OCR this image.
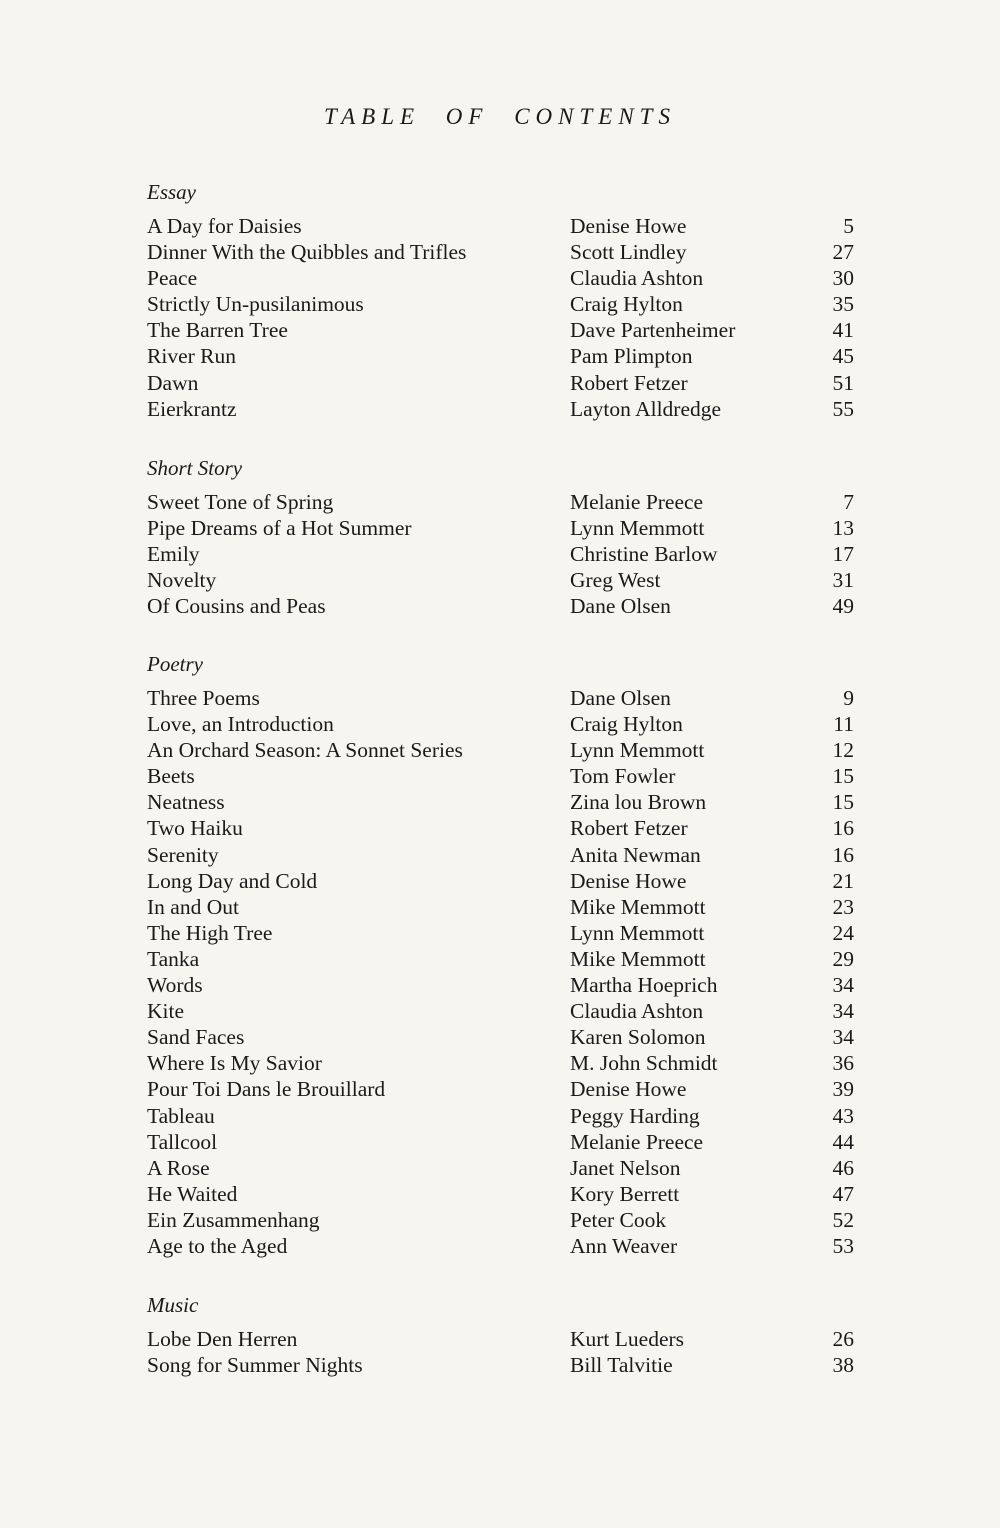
TABLE OF CONTENTS
Essay
A Day for Daisies	Denise Howe	5
Dinner With the Quibbles and Trifles	Scott Lindley	27
Peace	Claudia Ashton	30
Strictly Un-pusilanimous	Craig Hylton	35
The Barren Tree	Dave Partenheimer	41
River Run	Pam Plimpton	45
Dawn	Robert Fetzer	51
Eierkrantz	Layton Alldredge	55
Short Story
Sweet Tone of Spring	Melanie Preece	7
Pipe Dreams of a Hot Summer	Lynn Memmott	13
Emily	Christine Barlow	17
Novelty	Greg West	31
Of Cousins and Peas	Dane Olsen	49
Poetry
Three Poems	Dane Olsen	9
Love, an Introduction	Craig Hylton	11
An Orchard Season: A Sonnet Series	Lynn Memmott	12
Beets	Tom Fowler	15
Neatness	Zina lou Brown	15
Two Haiku	Robert Fetzer	16
Serenity	Anita Newman	16
Long Day and Cold	Denise Howe	21
In and Out	Mike Memmott	23
The High Tree	Lynn Memmott	24
Tanka	Mike Memmott	29
Words	Martha Hoeprich	34
Kite	Claudia Ashton	34
Sand Faces	Karen Solomon	34
Where Is My Savior	M. John Schmidt	36
Pour Toi Dans le Brouillard	Denise Howe	39
Tableau	Peggy Harding	43
Tallcool	Melanie Preece	44
A Rose	Janet Nelson	46
He Waited	Kory Berrett	47
Ein Zusammenhang	Peter Cook	52
Age to the Aged	Ann Weaver	53
Music
Lobe Den Herren	Kurt Lueders	26
Song for Summer Nights	Bill Talvitie	38
